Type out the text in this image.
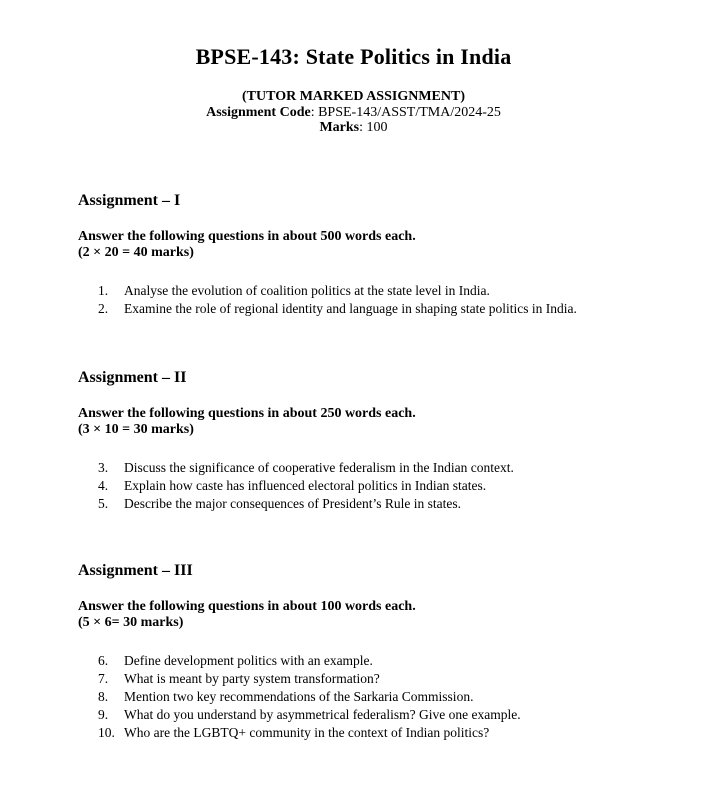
BPSE-143: State Politics in India
(TUTOR MARKED ASSIGNMENT)
Assignment Code: BPSE-143/ASST/TMA/2024-25
Marks: 100
Assignment – I
Answer the following questions in about 500 words each.
(2 × 20 = 40 marks)
1.	Analyse the evolution of coalition politics at the state level in India.
2.	Examine the role of regional identity and language in shaping state politics in India.
Assignment – II
Answer the following questions in about 250 words each.
(3 × 10 = 30 marks)
3.	Discuss the significance of cooperative federalism in the Indian context.
4.	Explain how caste has influenced electoral politics in Indian states.
5.	Describe the major consequences of President’s Rule in states.
Assignment – III
Answer the following questions in about 100 words each.
(5 × 6= 30 marks)
6.	Define development politics with an example.
7.	What is meant by party system transformation?
8.	Mention two key recommendations of the Sarkaria Commission.
9.	What do you understand by asymmetrical federalism? Give one example.
10. Who are the LGBTQ+ community in the context of Indian politics?
